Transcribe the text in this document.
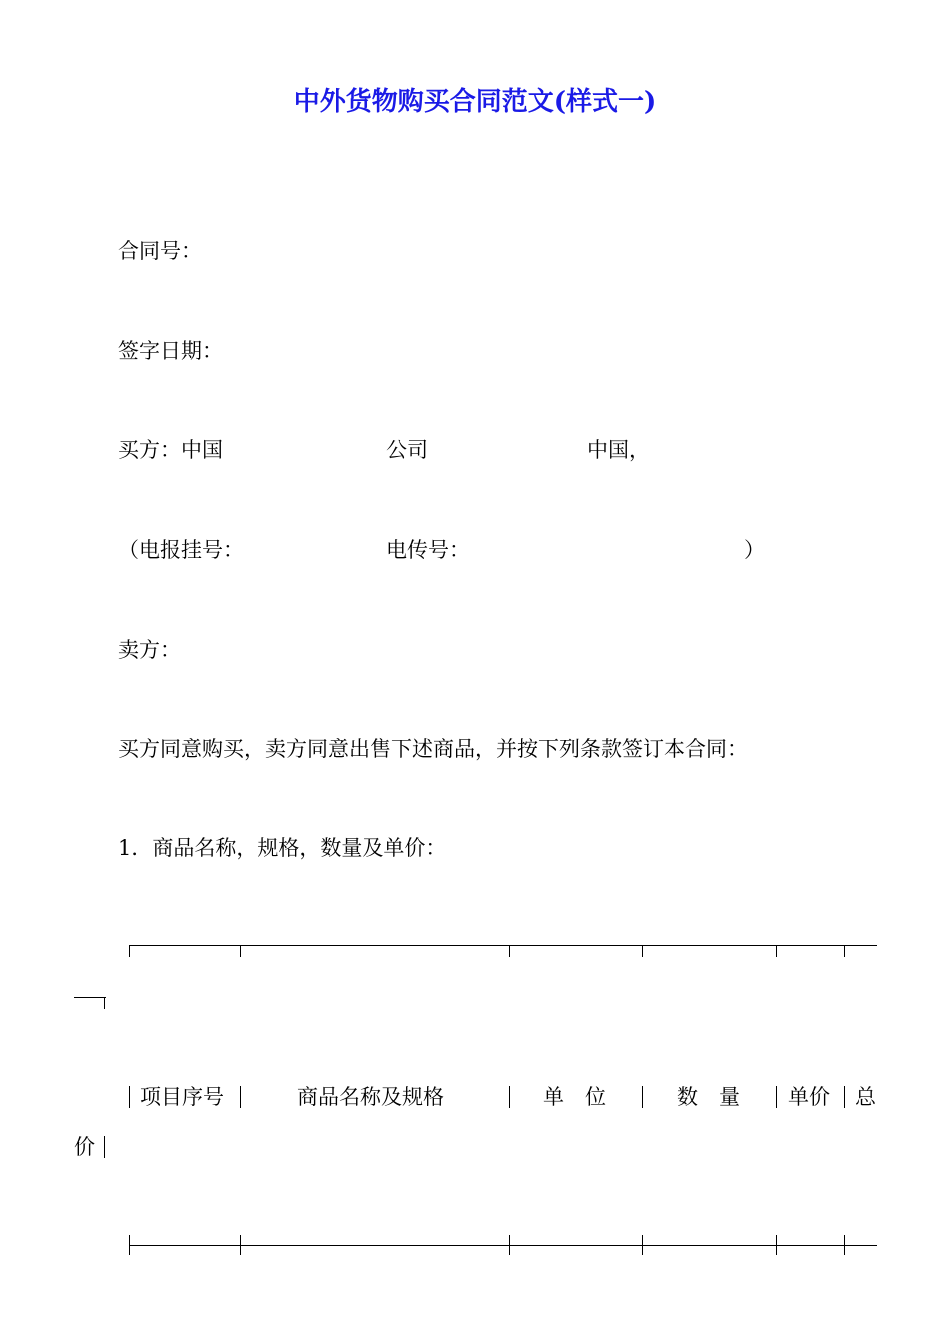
中外货物购买合同范文(样式一)
合同号：
签字日期：
买方：中国	公司	中国，
（电报挂号：	电传号：	）
卖方：
买方同意购买，卖方同意出售下述商品，并按下列条款签订本合同：
1．商品名称，规格，数量及单价：
项目序号	商品名称及规格	单　位	数　量 单价 总
价
